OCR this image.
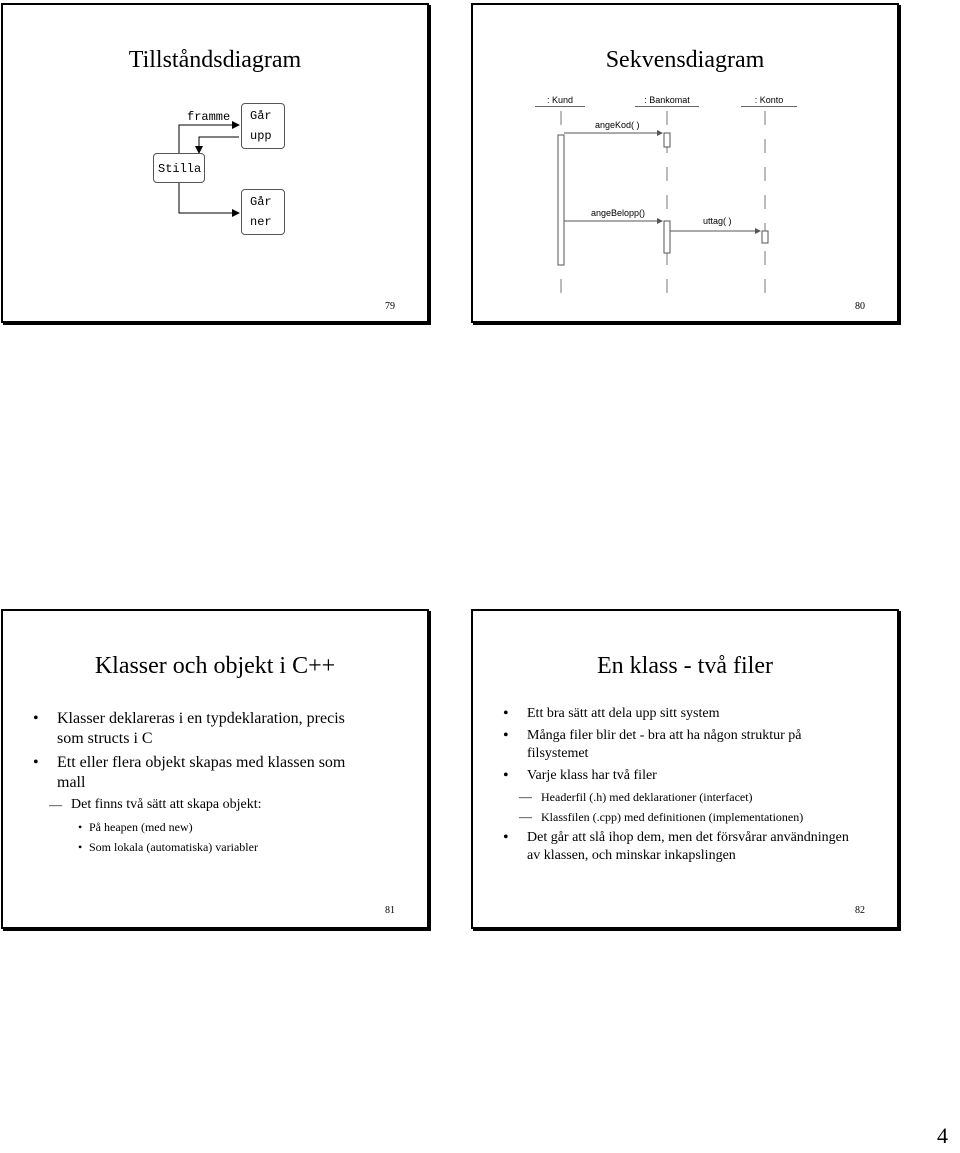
Tillståndsdiagram
framme
Stilla
Går
upp
Går
ner
79
Sekvensdiagram
: Kund	: Bankomat	: Konto
angeKod( )
angeBelopp()
uttag( )
80
Klasser och objekt i C++
• Klasser deklareras i en typdeklaration, precis som structs i C
• Ett eller flera objekt skapas med klassen som mall
— Det finns två sätt att skapa objekt:
• På heapen (med new)
• Som lokala (automatiska) variabler
81
En klass - två filer
• Ett bra sätt att dela upp sitt system
• Många filer blir det - bra att ha någon struktur på filsystemet
• Varje klass har två filer
— Headerfil (.h) med deklarationer (interfacet)
— Klassfilen (.cpp) med definitionen (implementationen)
• Det går att slå ihop dem, men det försvårar användningen av klassen, och minskar inkapslingen
82
4
